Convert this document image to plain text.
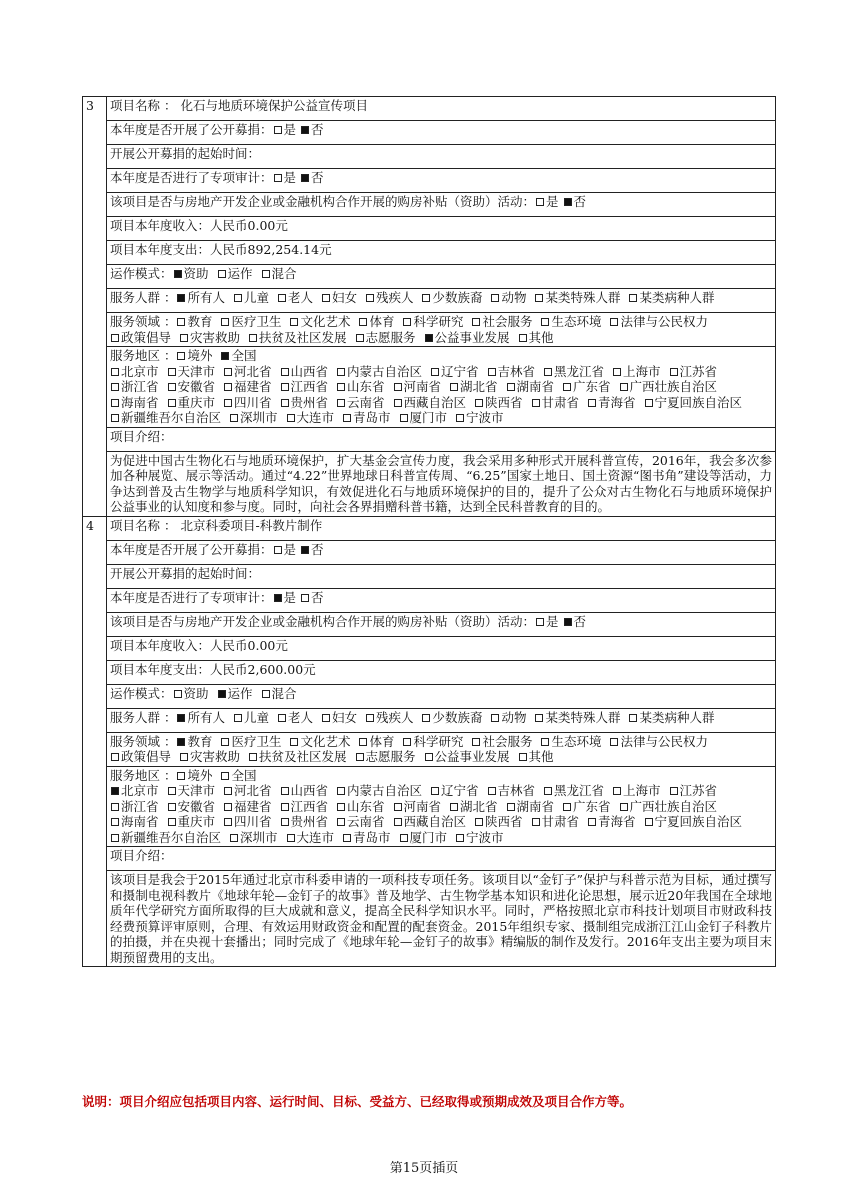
3	项目名称 ： 化石与地质环境保护公益宣传项目
	本年度是否开展了公开募捐： 是 否
	开展公开募捐的起始时间：
	本年度是否进行了专项审计： 是 否
	该项目是否与房地产开发企业或金融机构合作开展的购房补贴（资助）活动： 是 否
	项目本年度收入：人民币0.00元
	项目本年度支出：人民币892,254.14元
	运作模式： 资助 运作 混合
	服务人群 ： 所有人 儿童 老人 妇女 残疾人 少数族裔 动物 某类特殊人群 某类病种人群
	服务领域 ： 教育 医疗卫生 文化艺术 体育 科学研究 社会服务 生态环境 法律与公民权力 政策倡导 灾害救助 扶贫及社区发展 志愿服务 公益事业发展 其他
	服务地区 ： 境外 全国
北京市 天津市 河北省 山西省 内蒙古自治区 辽宁省 吉林省 黑龙江省 上海市 江苏省 浙江省 安徽省 福建省 江西省 山东省 河南省 湖北省 湖南省 广东省 广西壮族自治区 海南省 重庆市 四川省 贵州省 云南省 西藏自治区 陕西省 甘肃省 青海省 宁夏回族自治区 新疆维吾尔自治区 深圳市 大连市 青岛市 厦门市 宁波市
	项目介绍：
	为促进中国古生物化石与地质环境保护，扩大基金会宣传力度，我会采用多种形式开展科普宣传，2016年，我会多次参加各种展览、展示等活动。通过“4.22”世界地球日科普宣传周、“6.25”国家土地日、国土资源“图书角”建设等活动，力争达到普及古生物学与地质科学知识，有效促进化石与地质环境保护的目的，提升了公众对古生物化石与地质环境保护公益事业的认知度和参与度。同时，向社会各界捐赠科普书籍，达到全民科普教育的目的。
4	项目名称 ： 北京科委项目-科教片制作
	本年度是否开展了公开募捐： 是 否
	开展公开募捐的起始时间：
	本年度是否进行了专项审计： 是 否
	该项目是否与房地产开发企业或金融机构合作开展的购房补贴（资助）活动： 是 否
	项目本年度收入：人民币0.00元
	项目本年度支出：人民币2,600.00元
	运作模式： 资助 运作 混合
	服务人群 ： 所有人 儿童 老人 妇女 残疾人 少数族裔 动物 某类特殊人群 某类病种人群
	服务领域 ： 教育 医疗卫生 文化艺术 体育 科学研究 社会服务 生态环境 法律与公民权力 政策倡导 灾害救助 扶贫及社区发展 志愿服务 公益事业发展 其他
	服务地区 ： 境外 全国
北京市 天津市 河北省 山西省 内蒙古自治区 辽宁省 吉林省 黑龙江省 上海市 江苏省 浙江省 安徽省 福建省 江西省 山东省 河南省 湖北省 湖南省 广东省 广西壮族自治区 海南省 重庆市 四川省 贵州省 云南省 西藏自治区 陕西省 甘肃省 青海省 宁夏回族自治区 新疆维吾尔自治区 深圳市 大连市 青岛市 厦门市 宁波市
	项目介绍：
	该项目是我会于2015年通过北京市科委申请的一项科技专项任务。该项目以“金钉子”保护与科普示范为目标，通过撰写和摄制电视科教片《地球年轮—金钉子的故事》普及地学、古生物学基本知识和进化论思想，展示近20年我国在全球地质年代学研究方面所取得的巨大成就和意义，提高全民科学知识水平。同时，严格按照北京市科技计划项目市财政科技经费预算评审原则，合理、有效运用财政资金和配置的配套资金。2015年组织专家、摄制组完成浙江江山金钉子科教片的拍摄，并在央视十套播出；同时完成了《地球年轮—金钉子的故事》精编版的制作及发行。2016年支出主要为项目末期预留费用的支出。
说明：项目介绍应包括项目内容、运行时间、目标、受益方、已经取得或预期成效及项目合作方等。
第15页插页
